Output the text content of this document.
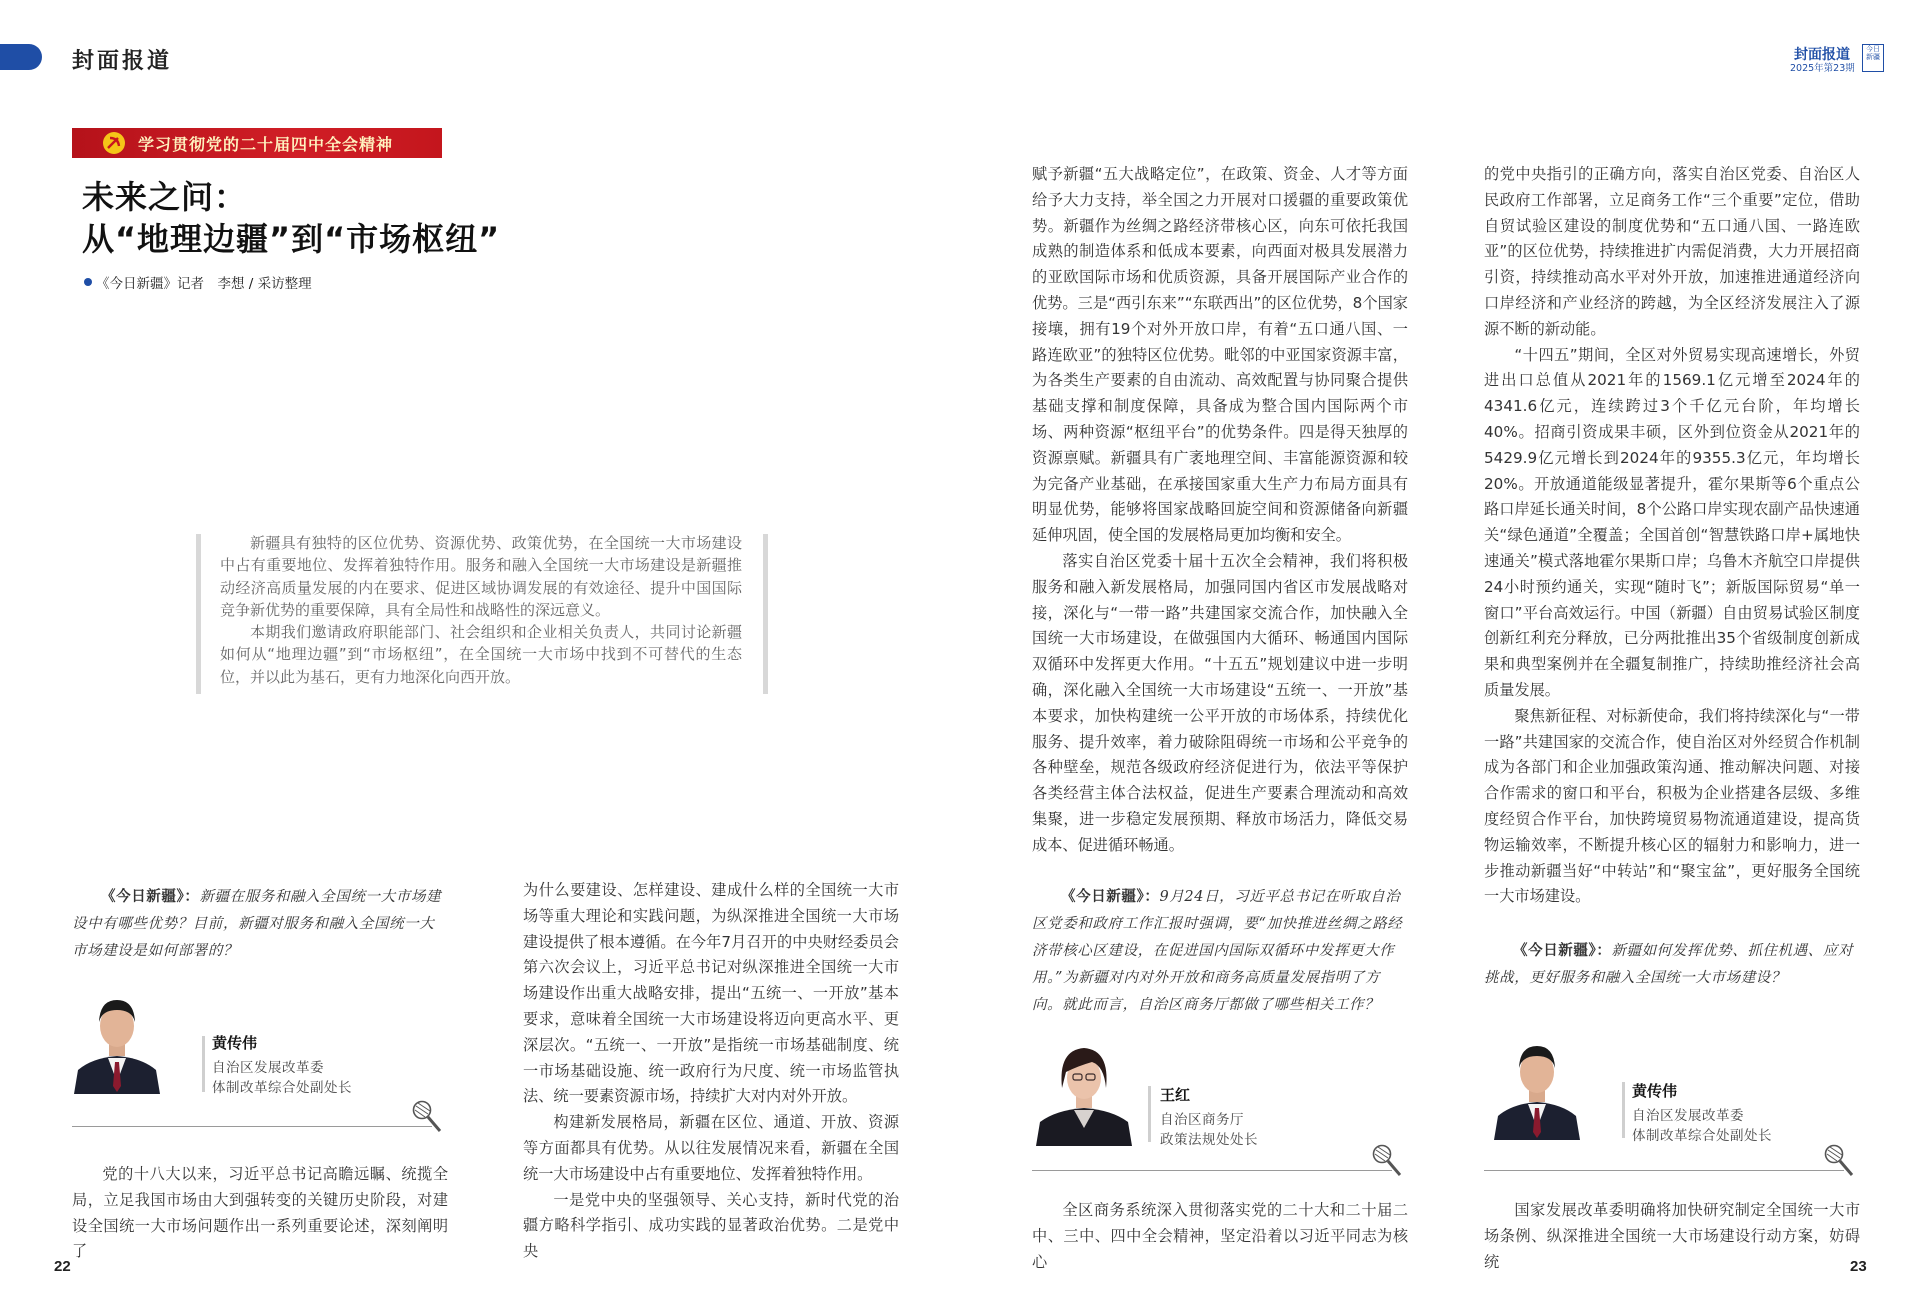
封面报道	封面报道
2025年第23期
今日新疆
学习贯彻党的二十届四中全会精神
未来之问：
从“地理边疆”到“市场枢纽”
《今日新疆》记者　李想 / 采访整理

新疆具有独特的区位优势、资源优势、政策优势，在全国统一大市场建设中占有重要地位、发挥着独特作用。服务和融入全国统一大市场建设是新疆推动经济高质量发展的内在要求、促进区域协调发展的有效途径、提升中国国际竞争新优势的重要保障，具有全局性和战略性的深远意义。

本期我们邀请政府职能部门、社会组织和企业相关负责人，共同讨论新疆如何从“地理边疆”到“市场枢纽”，在全国统一大市场中找到不可替代的生态位，并以此为基石，更有力地深化向西开放。

《今日新疆》：新疆在服务和融入全国统一大市场建设中有哪些优势？目前，新疆对服务和融入全国统一大市场建设是如何部署的？
黄传伟
自治区发展改革委
体制改革综合处副处长

党的十八大以来，习近平总书记高瞻远瞩、统揽全局，立足我国市场由大到强转变的关键历史阶段，对建设全国统一大市场问题作出一系列重要论述，深刻阐明了

为什么要建设、怎样建设、建成什么样的全国统一大市场等重大理论和实践问题，为纵深推进全国统一大市场建设提供了根本遵循。在今年7月召开的中央财经委员会第六次会议上，习近平总书记对纵深推进全国统一大市场建设作出重大战略安排，提出“五统一、一开放”基本要求，意味着全国统一大市场建设将迈向更高水平、更深层次。“五统一、一开放”是指统一市场基础制度、统一市场基础设施、统一政府行为尺度、统一市场监管执法、统一要素资源市场，持续扩大对内对外开放。

构建新发展格局，新疆在区位、通道、开放、资源等方面都具有优势。从以往发展情况来看，新疆在全国统一大市场建设中占有重要地位、发挥着独特作用。

一是党中央的坚强领导、关心支持，新时代党的治疆方略科学指引、成功实践的显著政治优势。二是党中央

赋予新疆“五大战略定位”，在政策、资金、人才等方面给予大力支持，举全国之力开展对口援疆的重要政策优势。新疆作为丝绸之路经济带核心区，向东可依托我国成熟的制造体系和低成本要素，向西面对极具发展潜力的亚欧国际市场和优质资源，具备开展国际产业合作的优势。三是“西引东来”“东联西出”的区位优势，8个国家接壤，拥有19个对外开放口岸，有着“五口通八国、一路连欧亚”的独特区位优势。毗邻的中亚国家资源丰富，为各类生产要素的自由流动、高效配置与协同聚合提供基础支撑和制度保障，具备成为整合国内国际两个市场、两种资源“枢纽平台”的优势条件。四是得天独厚的资源禀赋。新疆具有广袤地理空间、丰富能源资源和较为完备产业基础，在承接国家重大生产力布局方面具有明显优势，能够将国家战略回旋空间和资源储备向新疆延伸巩固，使全国的发展格局更加均衡和安全。

落实自治区党委十届十五次全会精神，我们将积极服务和融入新发展格局，加强同国内省区市发展战略对接，深化与“一带一路”共建国家交流合作，加快融入全国统一大市场建设，在做强国内大循环、畅通国内国际双循环中发挥更大作用。“十五五”规划建议中进一步明确，深化融入全国统一大市场建设“五统一、一开放”基本要求，加快构建统一公平开放的市场体系，持续优化服务、提升效率，着力破除阻碍统一市场和公平竞争的各种壁垒，规范各级政府经济促进行为，依法平等保护各类经营主体合法权益，促进生产要素合理流动和高效集聚，进一步稳定发展预期、释放市场活力，降低交易成本、促进循环畅通。

《今日新疆》：9月24日，习近平总书记在听取自治区党委和政府工作汇报时强调，要“加快推进丝绸之路经济带核心区建设，在促进国内国际双循环中发挥更大作用。”为新疆对内对外开放和商务高质量发展指明了方向。就此而言，自治区商务厅都做了哪些相关工作？
王红
自治区商务厅
政策法规处处长

全区商务系统深入贯彻落实党的二十大和二十届二中、三中、四中全会精神，坚定沿着以习近平同志为核心

的党中央指引的正确方向，落实自治区党委、自治区人民政府工作部署，立足商务工作“三个重要”定位，借助自贸试验区建设的制度优势和“五口通八国、一路连欧亚”的区位优势，持续推进扩内需促消费，大力开展招商引资，持续推动高水平对外开放，加速推进通道经济向口岸经济和产业经济的跨越，为全区经济发展注入了源源不断的新动能。

“十四五”期间，全区对外贸易实现高速增长，外贸进出口总值从2021年的1569.1亿元增至2024年的4341.6亿元，连续跨过3个千亿元台阶，年均增长40%。招商引资成果丰硕，区外到位资金从2021年的5429.9亿元增长到2024年的9355.3亿元，年均增长20%。开放通道能级显著提升，霍尔果斯等6个重点公路口岸延长通关时间，8个公路口岸实现农副产品快速通关“绿色通道”全覆盖；全国首创“智慧铁路口岸+属地快速通关”模式落地霍尔果斯口岸；乌鲁木齐航空口岸提供24小时预约通关，实现“随时飞”；新版国际贸易“单一窗口”平台高效运行。中国（新疆）自由贸易试验区制度创新红利充分释放，已分两批推出35个省级制度创新成果和典型案例并在全疆复制推广，持续助推经济社会高质量发展。

聚焦新征程、对标新使命，我们将持续深化与“一带一路”共建国家的交流合作，使自治区对外经贸合作机制成为各部门和企业加强政策沟通、推动解决问题、对接合作需求的窗口和平台，积极为企业搭建各层级、多维度经贸合作平台，加快跨境贸易物流通道建设，提高货物运输效率，不断提升核心区的辐射力和影响力，进一步推动新疆当好“中转站”和“聚宝盆”，更好服务全国统一大市场建设。

《今日新疆》：新疆如何发挥优势、抓住机遇、应对挑战，更好服务和融入全国统一大市场建设？
黄传伟
自治区发展改革委
体制改革综合处副处长

国家发展改革委明确将加快研究制定全国统一大市场条例、纵深推进全国统一大市场建设行动方案，妨碍统

22	23
